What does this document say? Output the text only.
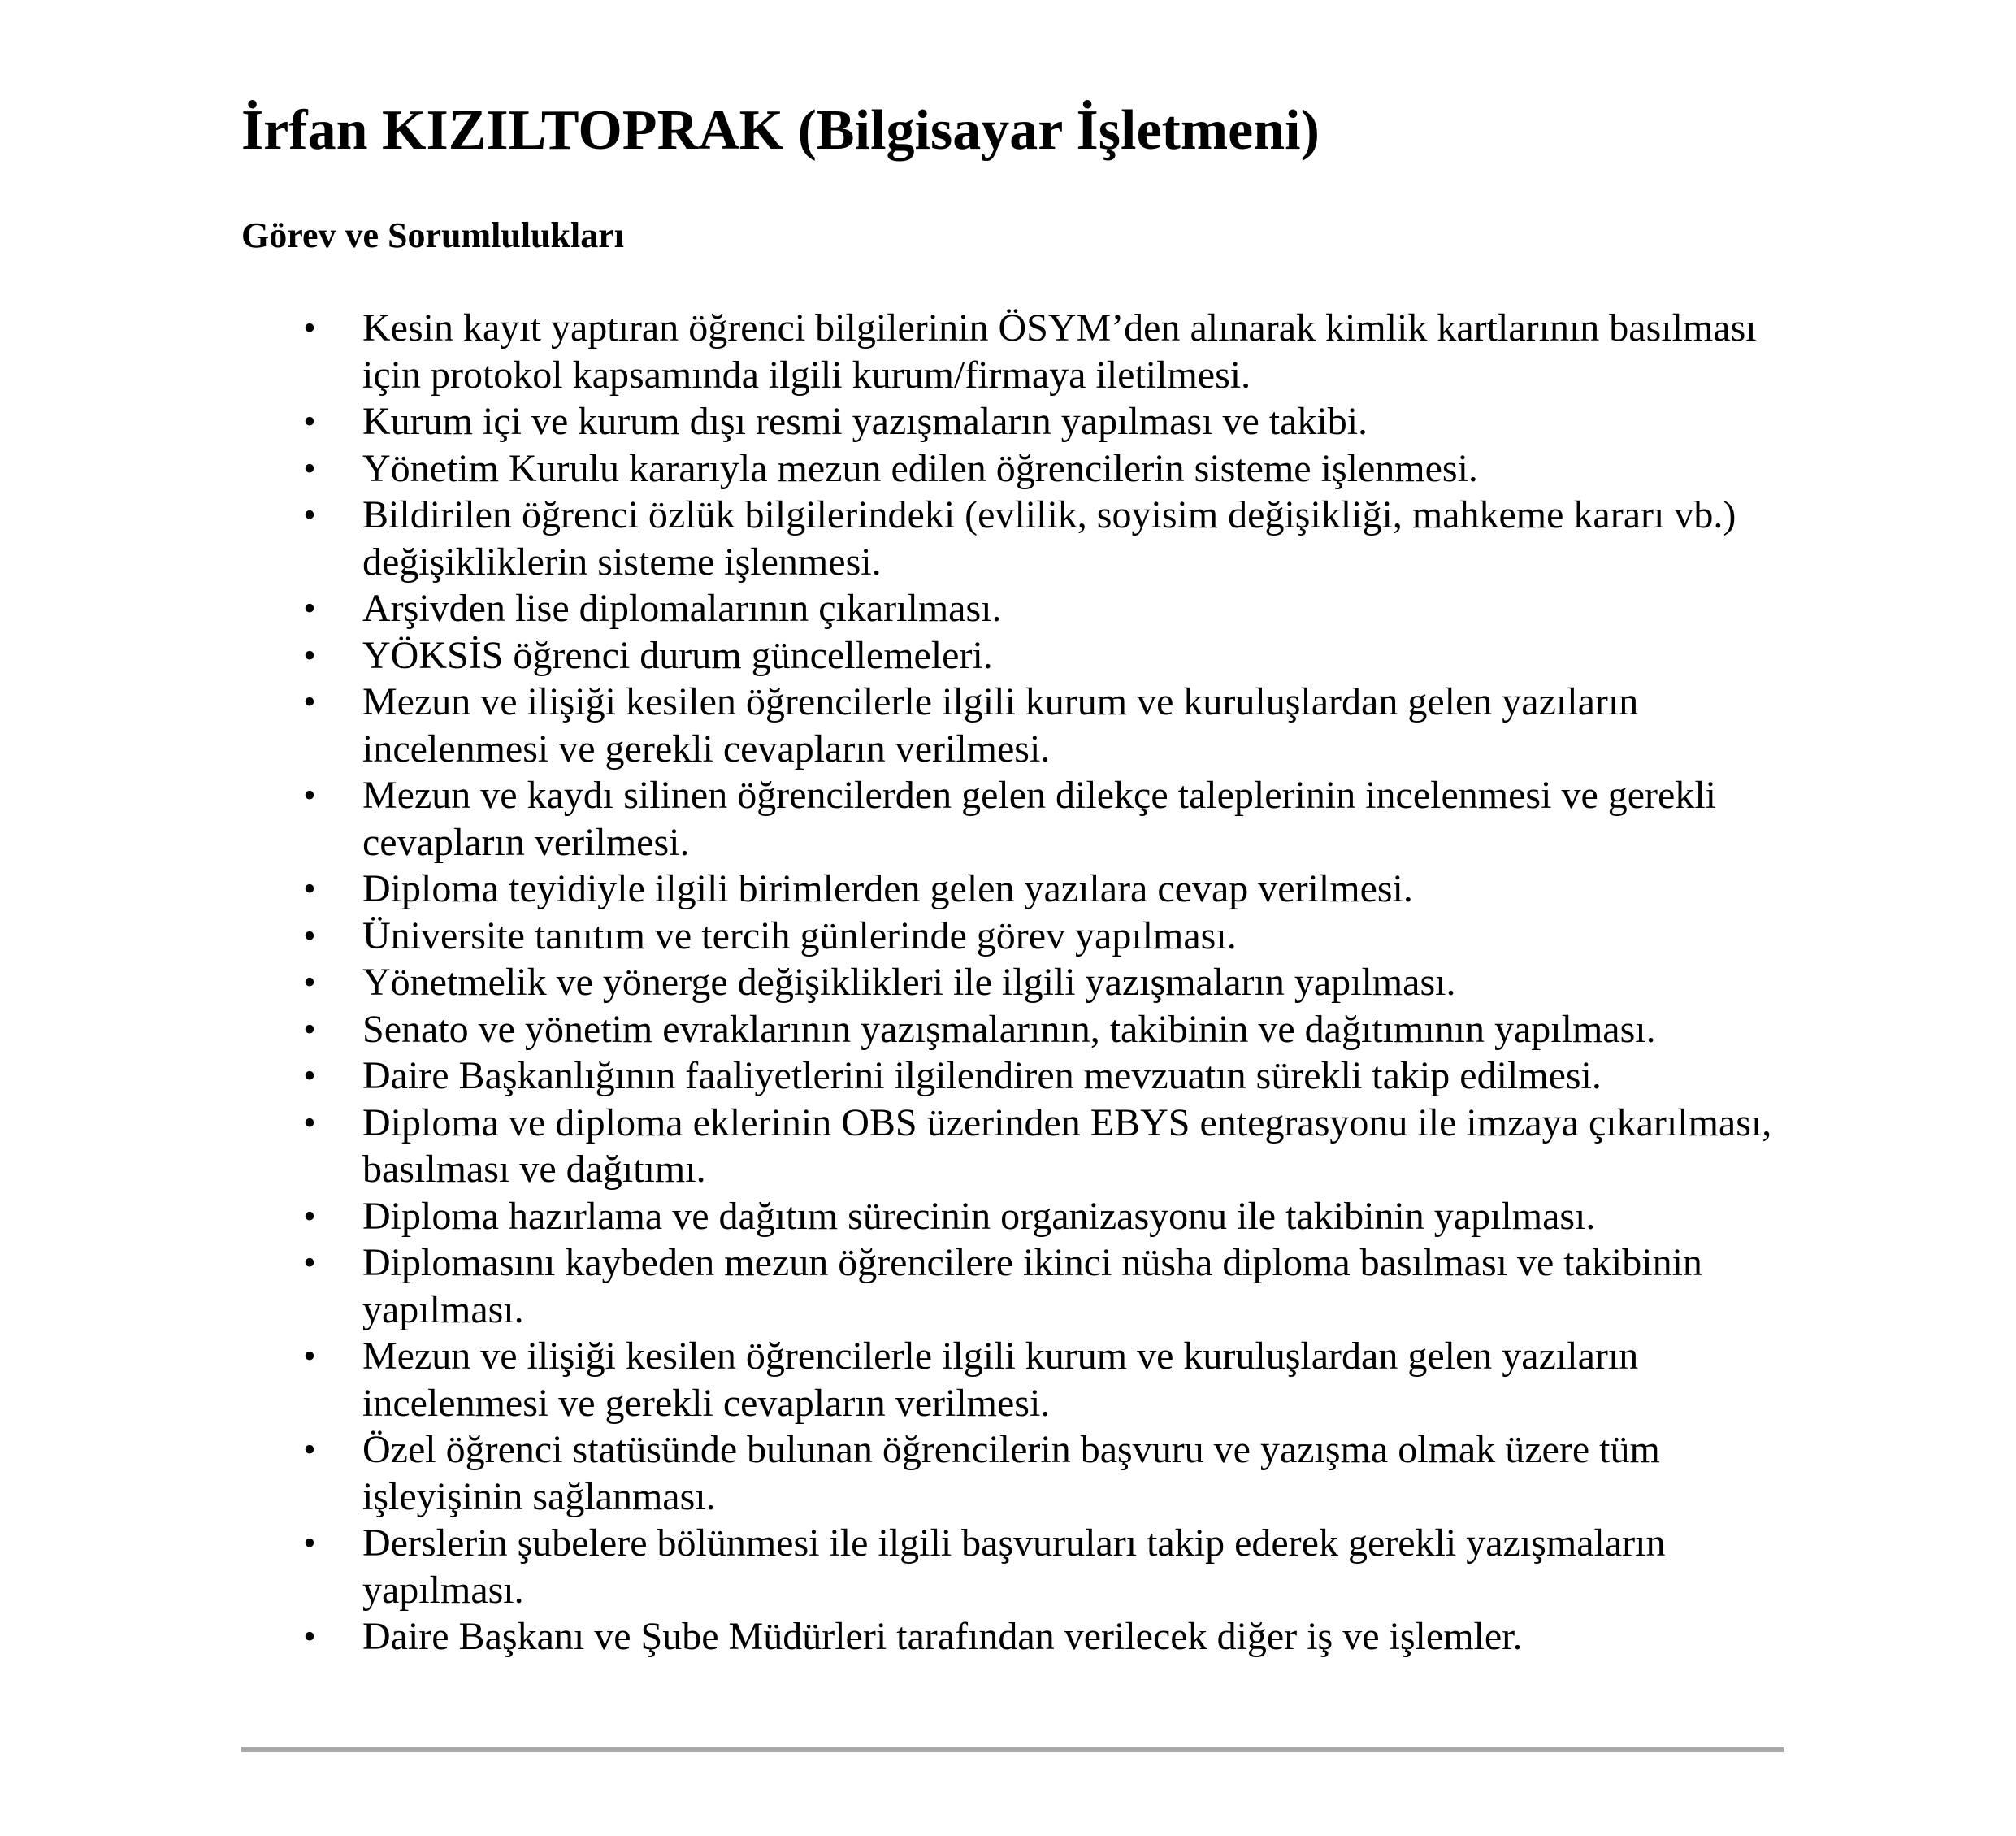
İrfan KIZILTOPRAK (Bilgisayar İşletmeni)
Görev ve Sorumlulukları
• Kesin kayıt yaptıran öğrenci bilgilerinin ÖSYM’den alınarak kimlik kartlarının basılması için protokol kapsamında ilgili kurum/firmaya iletilmesi.
• Kurum içi ve kurum dışı resmi yazışmaların yapılması ve takibi.
• Yönetim Kurulu kararıyla mezun edilen öğrencilerin sisteme işlenmesi.
• Bildirilen öğrenci özlük bilgilerindeki (evlilik, soyisim değişikliği, mahkeme kararı vb.) değişikliklerin sisteme işlenmesi.
• Arşivden lise diplomalarının çıkarılması.
• YÖKSİS öğrenci durum güncellemeleri.
• Mezun ve ilişiği kesilen öğrencilerle ilgili kurum ve kuruluşlardan gelen yazıların incelenmesi ve gerekli cevapların verilmesi.
• Mezun ve kaydı silinen öğrencilerden gelen dilekçe taleplerinin incelenmesi ve gerekli cevapların verilmesi.
• Diploma teyidiyle ilgili birimlerden gelen yazılara cevap verilmesi.
• Üniversite tanıtım ve tercih günlerinde görev yapılması.
• Yönetmelik ve yönerge değişiklikleri ile ilgili yazışmaların yapılması.
• Senato ve yönetim evraklarının yazışmalarının, takibinin ve dağıtımının yapılması.
• Daire Başkanlığının faaliyetlerini ilgilendiren mevzuatın sürekli takip edilmesi.
• Diploma ve diploma eklerinin OBS üzerinden EBYS entegrasyonu ile imzaya çıkarılması, basılması ve dağıtımı.
• Diploma hazırlama ve dağıtım sürecinin organizasyonu ile takibinin yapılması.
• Diplomasını kaybeden mezun öğrencilere ikinci nüsha diploma basılması ve takibinin yapılması.
• Mezun ve ilişiği kesilen öğrencilerle ilgili kurum ve kuruluşlardan gelen yazıların incelenmesi ve gerekli cevapların verilmesi.
• Özel öğrenci statüsünde bulunan öğrencilerin başvuru ve yazışma olmak üzere tüm işleyişinin sağlanması.
• Derslerin şubelere bölünmesi ile ilgili başvuruları takip ederek gerekli yazışmaların yapılması.
• Daire Başkanı ve Şube Müdürleri tarafından verilecek diğer iş ve işlemler.
